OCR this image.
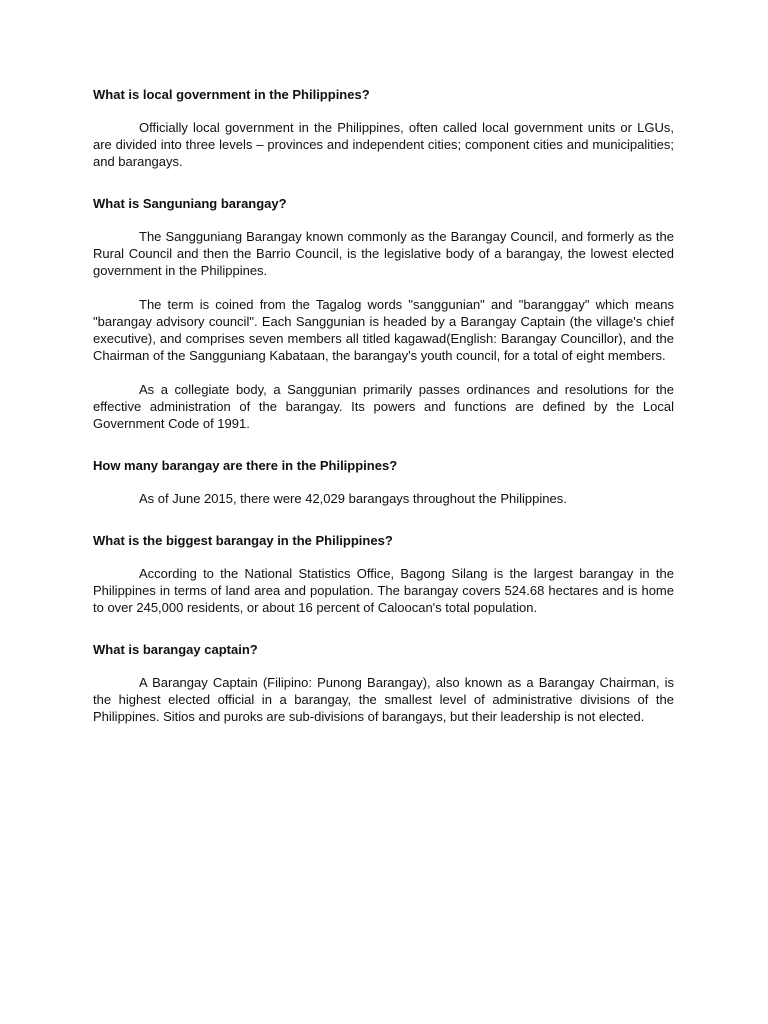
What is local government in the Philippines?

Officially local government in the Philippines, often called local government units or LGUs, are divided into three levels – provinces and independent cities; component cities and municipalities; and barangays.

What is Sanguniang barangay?

The Sangguniang Barangay known commonly as the Barangay Council, and formerly as the Rural Council and then the Barrio Council, is the legislative body of a barangay, the lowest elected government in the Philippines.

The term is coined from the Tagalog words "sanggunian" and "baranggay" which means "barangay advisory council". Each Sanggunian is headed by a Barangay Captain (the village's chief executive), and comprises seven members all titled kagawad(English: Barangay Councillor), and the Chairman of the Sangguniang Kabataan, the barangay's youth council, for a total of eight members.

As a collegiate body, a Sanggunian primarily passes ordinances and resolutions for the effective administration of the barangay. Its powers and functions are defined by the Local Government Code of 1991.

How many barangay are there in the Philippines?

As of June 2015, there were 42,029 barangays throughout the Philippines.

What is the biggest barangay in the Philippines?

According to the National Statistics Office, Bagong Silang is the largest barangay in the Philippines in terms of land area and population. The barangay covers 524.68 hectares and is home to over 245,000 residents, or about 16 percent of Caloocan's total population.

What is barangay captain?

A Barangay Captain (Filipino: Punong Barangay), also known as a Barangay Chairman, is the highest elected official in a barangay, the smallest level of administrative divisions of the Philippines. Sitios and puroks are sub-divisions of barangays, but their leadership is not elected.
